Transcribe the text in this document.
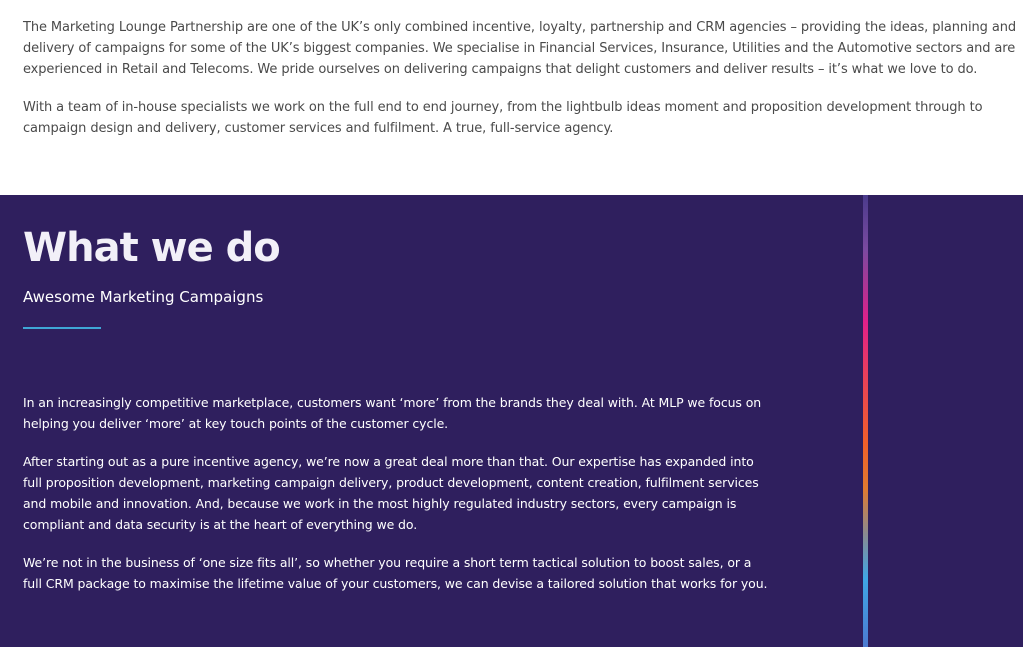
The Marketing Lounge Partnership are one of the UK’s only combined incentive, loyalty, partnership and CRM agencies – providing the ideas, planning and delivery of campaigns for some of the UK’s biggest companies. We specialise in Financial Services, Insurance, Utilities and the Automotive sectors and are experienced in Retail and Telecoms. We pride ourselves on delivering campaigns that delight customers and deliver results – it’s what we love to do.

With a team of in-house specialists we work on the full end to end journey, from the lightbulb ideas moment and proposition development through to campaign design and delivery, customer services and fulfilment. A true, full-service agency.

What we do
Awesome Marketing Campaigns

In an increasingly competitive marketplace, customers want ‘more’ from the brands they deal with. At MLP we focus on helping you deliver ‘more’ at key touch points of the customer cycle.

After starting out as a pure incentive agency, we’re now a great deal more than that. Our expertise has expanded into full proposition development, marketing campaign delivery, product development, content creation, fulfilment services and mobile and innovation. And, because we work in the most highly regulated industry sectors, every campaign is compliant and data security is at the heart of everything we do.

We’re not in the business of ‘one size fits all’, so whether you require a short term tactical solution to boost sales, or a full CRM package to maximise the lifetime value of your customers, we can devise a tailored solution that works for you.
